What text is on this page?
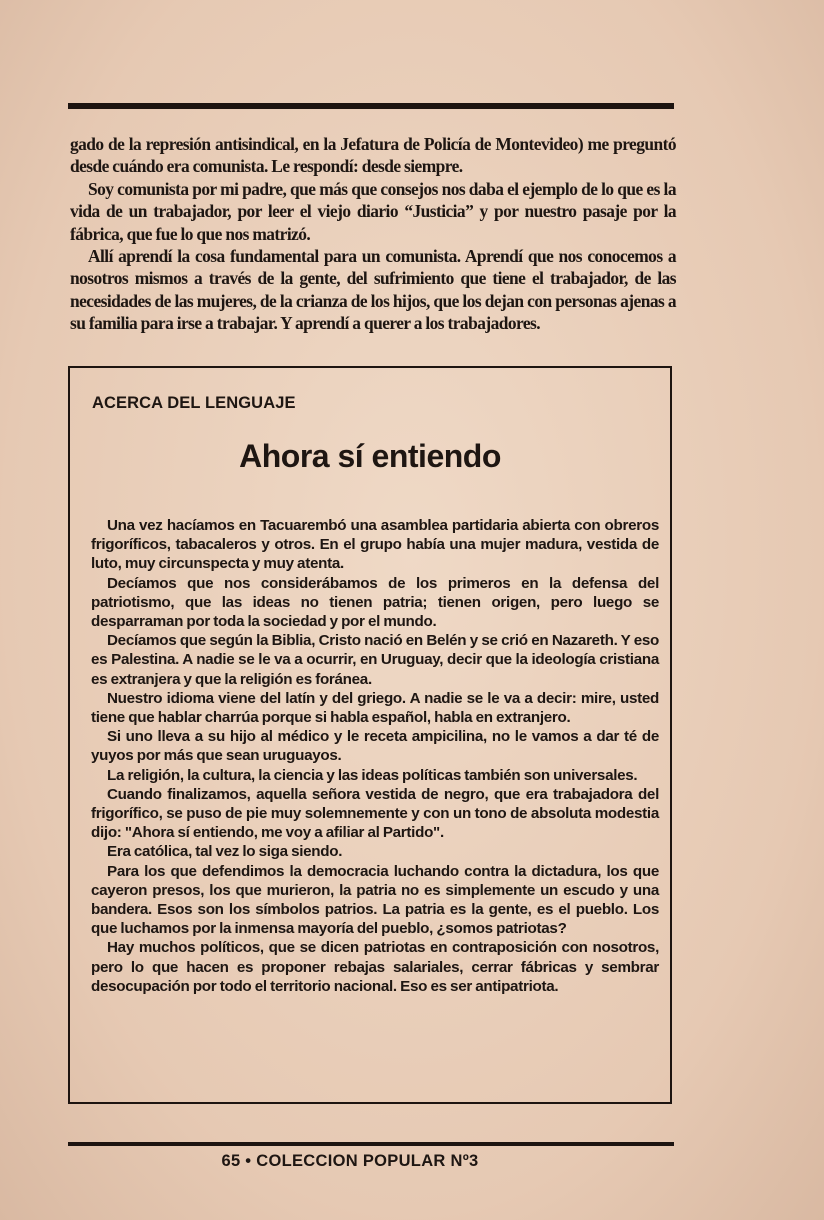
gado de la represión antisindical, en la Jefatura de Policía de Montevideo) me preguntó desde cuándo era comunista. Le respondí: desde siempre.

Soy comunista por mi padre, que más que consejos nos daba el ejemplo de lo que es la vida de un trabajador, por leer el viejo diario “Justicia” y por nuestro pasaje por la fábrica, que fue lo que nos matrizó.

Allí aprendí la cosa fundamental para un comunista. Aprendí que nos conocemos a nosotros mismos a través de la gente, del sufrimiento que tiene el trabajador, de las necesidades de las mujeres, de la crianza de los hijos, que los dejan con personas ajenas a su familia para irse a trabajar. Y aprendí a querer a los trabajadores.

ACERCA DEL LENGUAJE
Ahora sí entiendo

Una vez hacíamos en Tacuarembó una asamblea partidaria abierta con obreros frigoríficos, tabacaleros y otros. En el grupo había una mujer madura, vestida de luto, muy circunspecta y muy atenta.

Decíamos que nos considerábamos de los primeros en la defensa del patriotismo, que las ideas no tienen patria; tienen origen, pero luego se desparraman por toda la sociedad y por el mundo.

Decíamos que según la Biblia, Cristo nació en Belén y se crió en Nazareth. Y eso es Palestina. A nadie se le va a ocurrir, en Uruguay, decir que la ideología cristiana es extranjera y que la religión es foránea.

Nuestro idioma viene del latín y del griego. A nadie se le va a decir: mire, usted tiene que hablar charrúa porque si habla español, habla en extranjero.

Si uno lleva a su hijo al médico y le receta ampicilina, no le vamos a dar té de yuyos por más que sean uruguayos.

La religión, la cultura, la ciencia y las ideas políticas también son universales.

Cuando finalizamos, aquella señora vestida de negro, que era trabajadora del frigorífico, se puso de pie muy solemnemente y con un tono de absoluta modestia dijo: "Ahora sí entiendo, me voy a afiliar al Partido".

Era católica, tal vez lo siga siendo.

Para los que defendimos la democracia luchando contra la dictadura, los que cayeron presos, los que murieron, la patria no es simplemente un escudo y una bandera. Esos son los símbolos patrios. La patria es la gente, es el pueblo. Los que luchamos por la inmensa mayoría del pueblo, ¿somos patriotas?

Hay muchos políticos, que se dicen patriotas en contraposición con nosotros, pero lo que hacen es proponer rebajas salariales, cerrar fábricas y sembrar desocupación por todo el territorio nacional. Eso es ser antipatriota.

65 • COLECCION POPULAR Nº3
